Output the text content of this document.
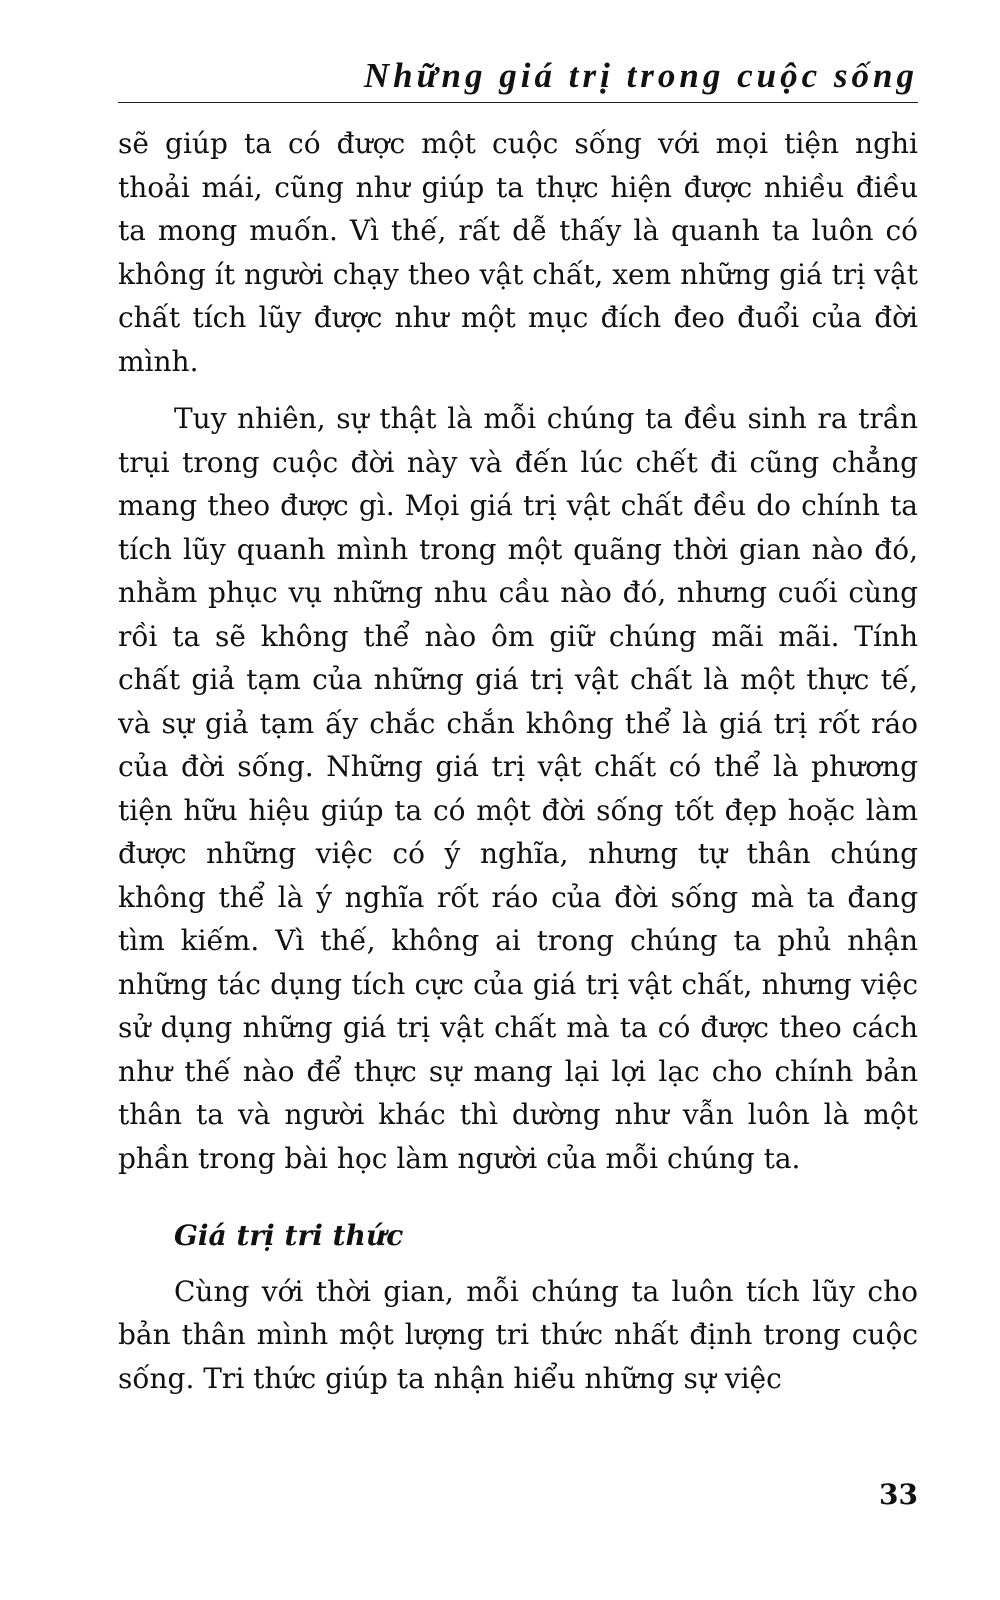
Những giá trị trong cuộc sống

sẽ giúp ta có được một cuộc sống với mọi tiện nghi thoải mái, cũng như giúp ta thực hiện được nhiều điều ta mong muốn. Vì thế, rất dễ thấy là quanh ta luôn có không ít người chạy theo vật chất, xem những giá trị vật chất tích lũy được như một mục đích đeo đuổi của đời mình.

Tuy nhiên, sự thật là mỗi chúng ta đều sinh ra trần trụi trong cuộc đời này và đến lúc chết đi cũng chẳng mang theo được gì. Mọi giá trị vật chất đều do chính ta tích lũy quanh mình trong một quãng thời gian nào đó, nhằm phục vụ những nhu cầu nào đó, nhưng cuối cùng rồi ta sẽ không thể nào ôm giữ chúng mãi mãi. Tính chất giả tạm của những giá trị vật chất là một thực tế, và sự giả tạm ấy chắc chắn không thể là giá trị rốt ráo của đời sống. Những giá trị vật chất có thể là phương tiện hữu hiệu giúp ta có một đời sống tốt đẹp hoặc làm được những việc có ý nghĩa, nhưng tự thân chúng không thể là ý nghĩa rốt ráo của đời sống mà ta đang tìm kiếm. Vì thế, không ai trong chúng ta phủ nhận những tác dụng tích cực của giá trị vật chất, nhưng việc sử dụng những giá trị vật chất mà ta có được theo cách như thế nào để thực sự mang lại lợi lạc cho chính bản thân ta và người khác thì dường như vẫn luôn là một phần trong bài học làm người của mỗi chúng ta.

Giá trị tri thức

Cùng với thời gian, mỗi chúng ta luôn tích lũy cho bản thân mình một lượng tri thức nhất định trong cuộc sống. Tri thức giúp ta nhận hiểu những sự việc

33
